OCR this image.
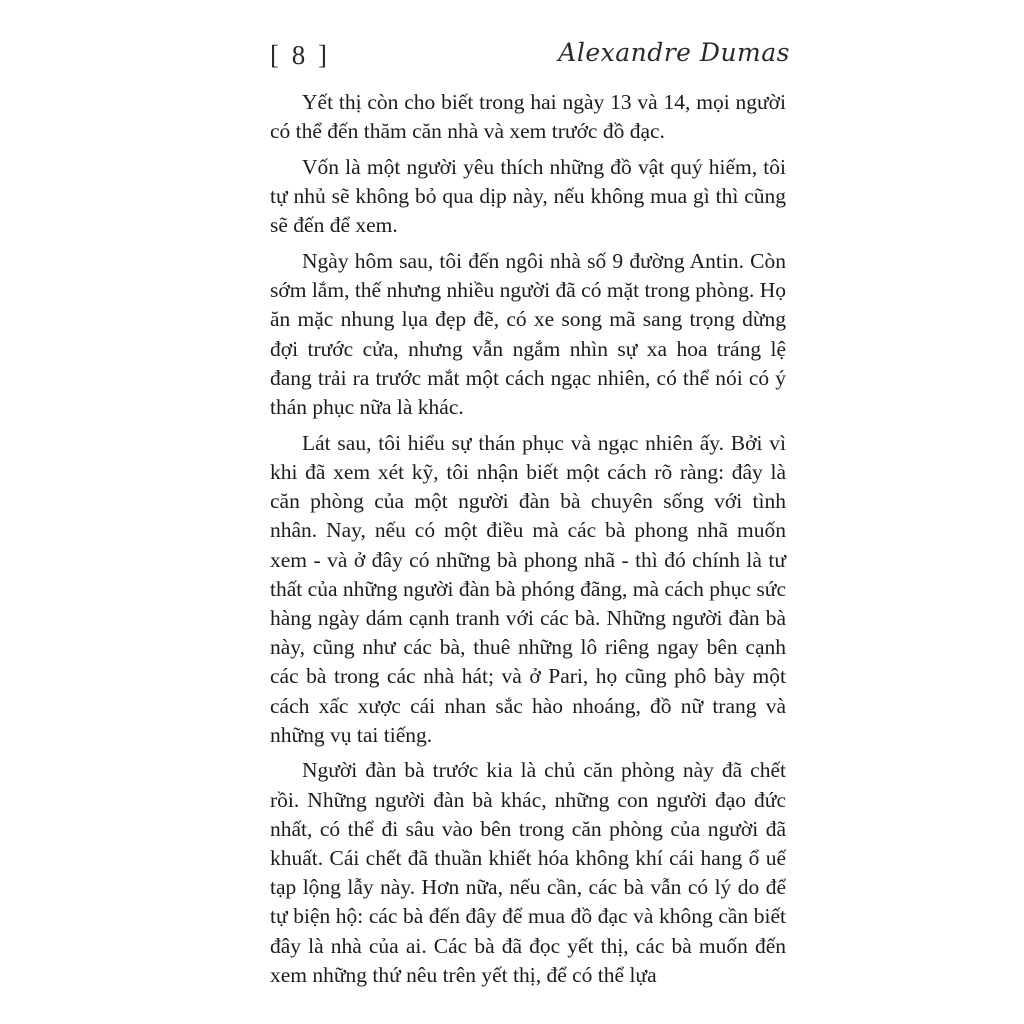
[ 8 ]	Alexandre Dumas

Yết thị còn cho biết trong hai ngày 13 và 14, mọi người có thể đến thăm căn nhà và xem trước đồ đạc.

Vốn là một người yêu thích những đồ vật quý hiếm, tôi tự nhủ sẽ không bỏ qua dịp này, nếu không mua gì thì cũng sẽ đến để xem.

Ngày hôm sau, tôi đến ngôi nhà số 9 đường Antin. Còn sớm lắm, thế nhưng nhiều người đã có mặt trong phòng. Họ ăn mặc nhung lụa đẹp đẽ, có xe song mã sang trọng dừng đợi trước cửa, nhưng vẫn ngắm nhìn sự xa hoa tráng lệ đang trải ra trước mắt một cách ngạc nhiên, có thể nói có ý thán phục nữa là khác.

Lát sau, tôi hiểu sự thán phục và ngạc nhiên ấy. Bởi vì khi đã xem xét kỹ, tôi nhận biết một cách rõ ràng: đây là căn phòng của một người đàn bà chuyên sống với tình nhân. Nay, nếu có một điều mà các bà phong nhã muốn xem - và ở đây có những bà phong nhã - thì đó chính là tư thất của những người đàn bà phóng đãng, mà cách phục sức hàng ngày dám cạnh tranh với các bà. Những người đàn bà này, cũng như các bà, thuê những lô riêng ngay bên cạnh các bà trong các nhà hát; và ở Pari, họ cũng phô bày một cách xấc xược cái nhan sắc hào nhoáng, đồ nữ trang và những vụ tai tiếng.

Người đàn bà trước kia là chủ căn phòng này đã chết rồi. Những người đàn bà khác, những con người đạo đức nhất, có thể đi sâu vào bên trong căn phòng của người đã khuất. Cái chết đã thuần khiết hóa không khí cái hang ổ uế tạp lộng lẫy này. Hơn nữa, nếu cần, các bà vẫn có lý do để tự biện hộ: các bà đến đây để mua đồ đạc và không cần biết đây là nhà của ai. Các bà đã đọc yết thị, các bà muốn đến xem những thứ nêu trên yết thị, để có thể lựa
